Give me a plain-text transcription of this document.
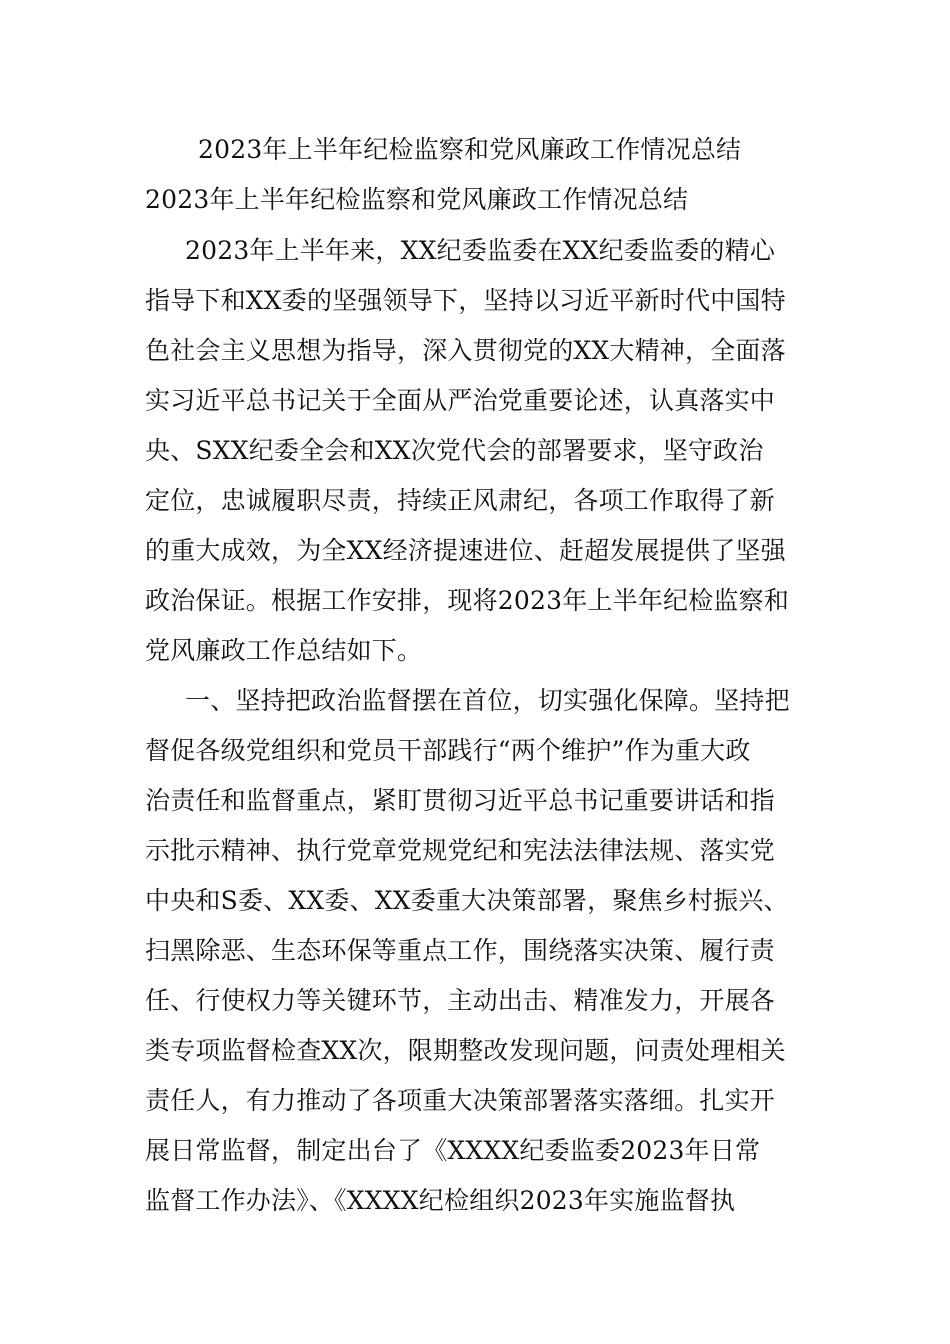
2023年上半年纪检监察和党风廉政工作情况总结
2023年上半年纪检监察和党风廉政工作情况总结
2023年上半年来，XX纪委监委在XX纪委监委的精心
指导下和XX委的坚强领导下，坚持以习近平新时代中国特
色社会主义思想为指导，深入贯彻党的XX大精神，全面落
实习近平总书记关于全面从严治党重要论述，认真落实中
央、SXX纪委全会和XX次党代会的部署要求，坚守政治
定位，忠诚履职尽责，持续正风肃纪，各项工作取得了新
的重大成效，为全XX经济提速进位、赶超发展提供了坚强
政治保证。根据工作安排，现将2023年上半年纪检监察和
党风廉政工作总结如下。
一、坚持把政治监督摆在首位，切实强化保障。坚持把
督促各级党组织和党员干部践行“两个维护”作为重大政
治责任和监督重点，紧盯贯彻习近平总书记重要讲话和指
示批示精神、执行党章党规党纪和宪法法律法规、落实党
中央和S委、XX委、XX委重大决策部署，聚焦乡村振兴、
扫黑除恶、生态环保等重点工作，围绕落实决策、履行责
任、行使权力等关键环节，主动出击、精准发力，开展各
类专项监督检查XX次，限期整改发现问题，问责处理相关
责任人，有力推动了各项重大决策部署落实落细。扎实开
展日常监督，制定出台了《XXXX纪委监委2023年日常
监督工作办法》、《XXXX纪检组织2023年实施监督执
